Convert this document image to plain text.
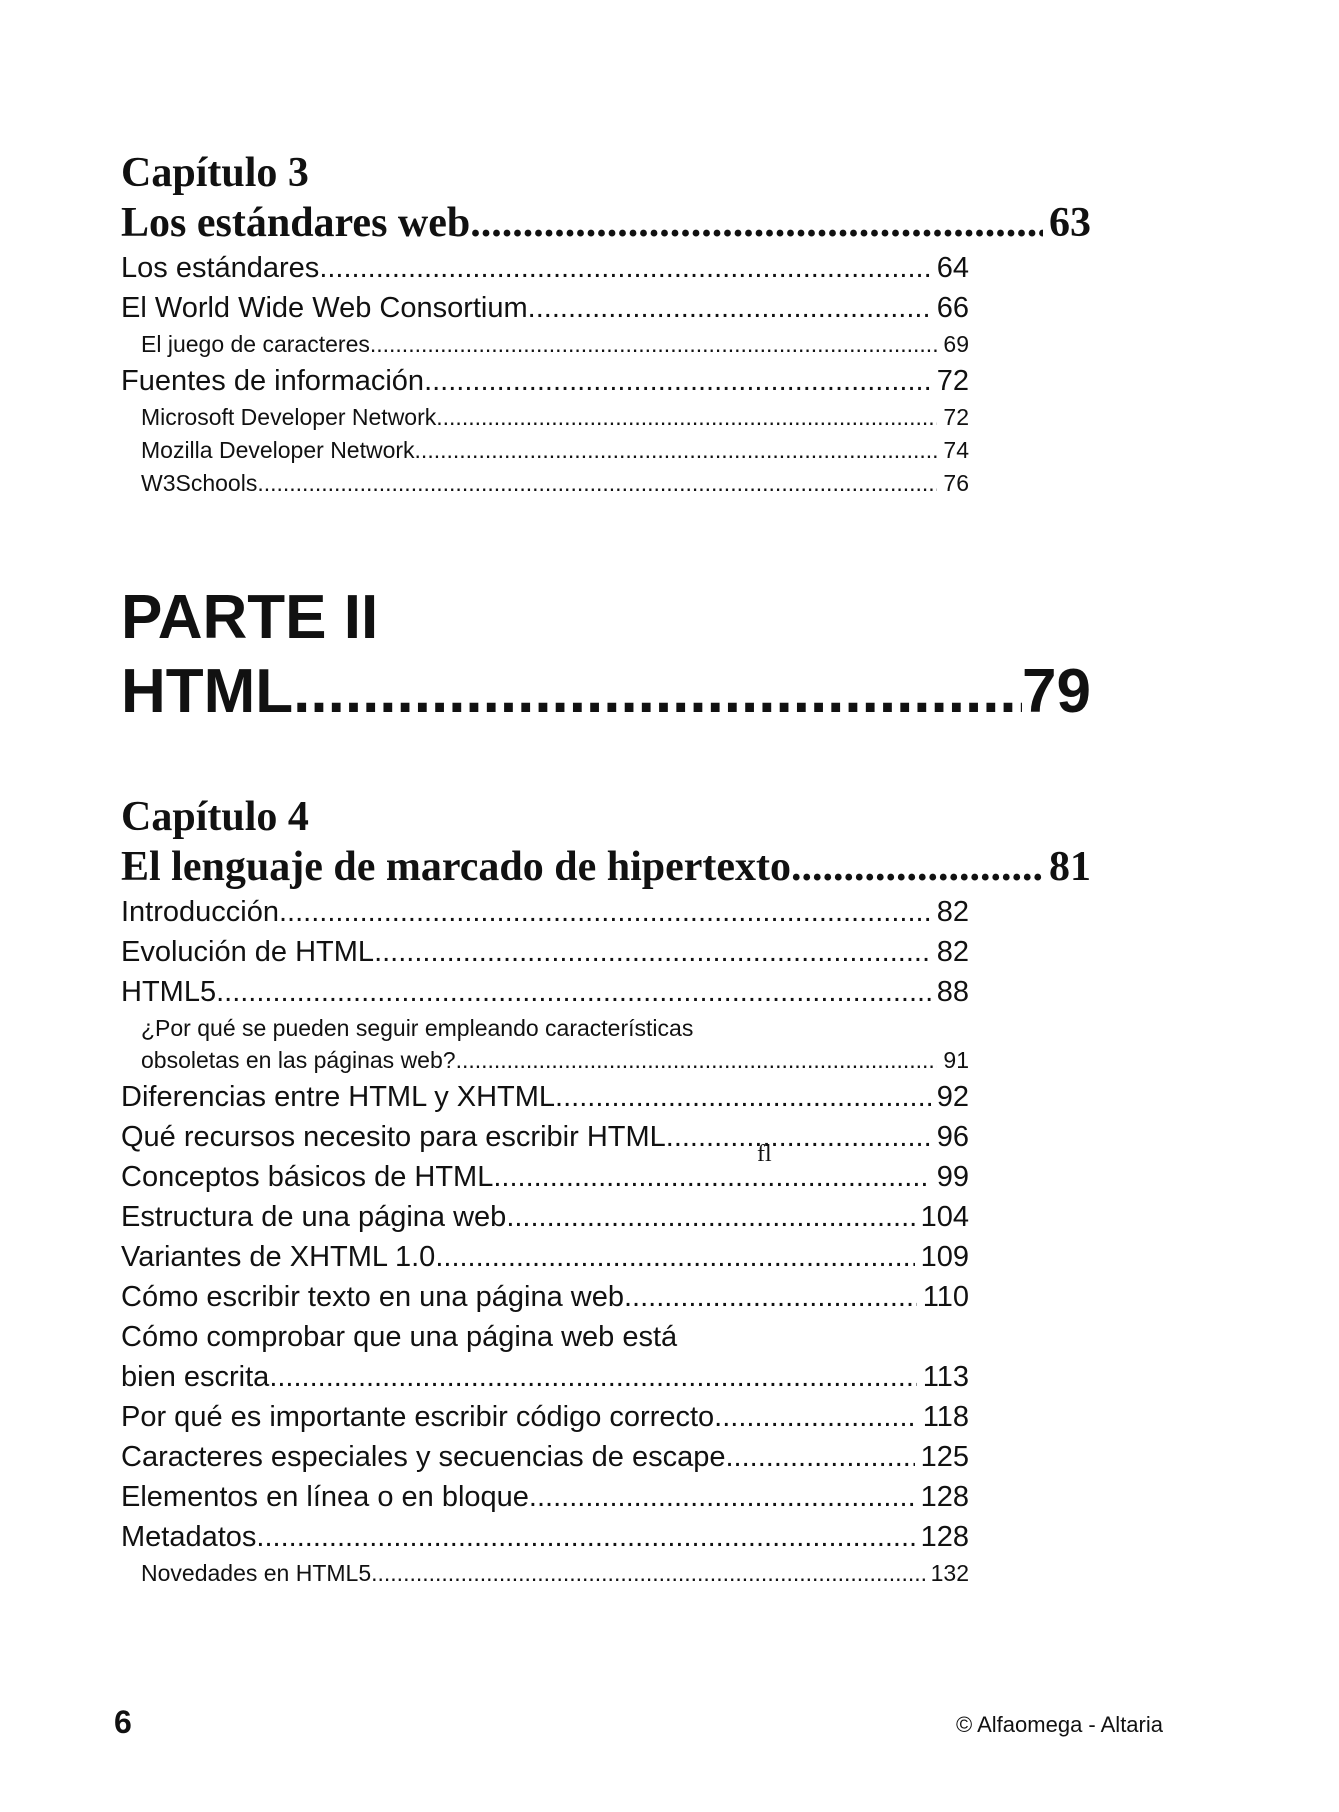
Capítulo 3
Los estándares web .....	63
Los estándares .....	64
El World Wide Web Consortium .....	66
El juego de caracteres .....	69
Fuentes de información .....	72
Microsoft Developer Network .....	72
Mozilla Developer Network .....	74
W3Schools .....	76
PARTE II
HTML .....	79
Capítulo 4
El lenguaje de marcado de hipertexto .....	81
Introducción .....	82
Evolución de HTML .....	82
HTML5 .....	88
¿Por qué se pueden seguir empleando características
obsoletas en las páginas web? .....	91
Diferencias entre HTML y XHTML .....	92
Qué recursos necesito para escribir HTML .....	96
Conceptos básicos de HTML .....	99
Estructura de una página web .....	104
Variantes de XHTML 1.0 .....	109
Cómo escribir texto en una página web .....	110
Cómo comprobar que una página web está
bien escrita .....	113
Por qué es importante escribir código correcto .....	118
Caracteres especiales y secuencias de escape .....	125
Elementos en línea o en bloque .....	128
Metadatos .....	128
Novedades en HTML5 .....	132
fl
6	© Alfaomega - Altaria
